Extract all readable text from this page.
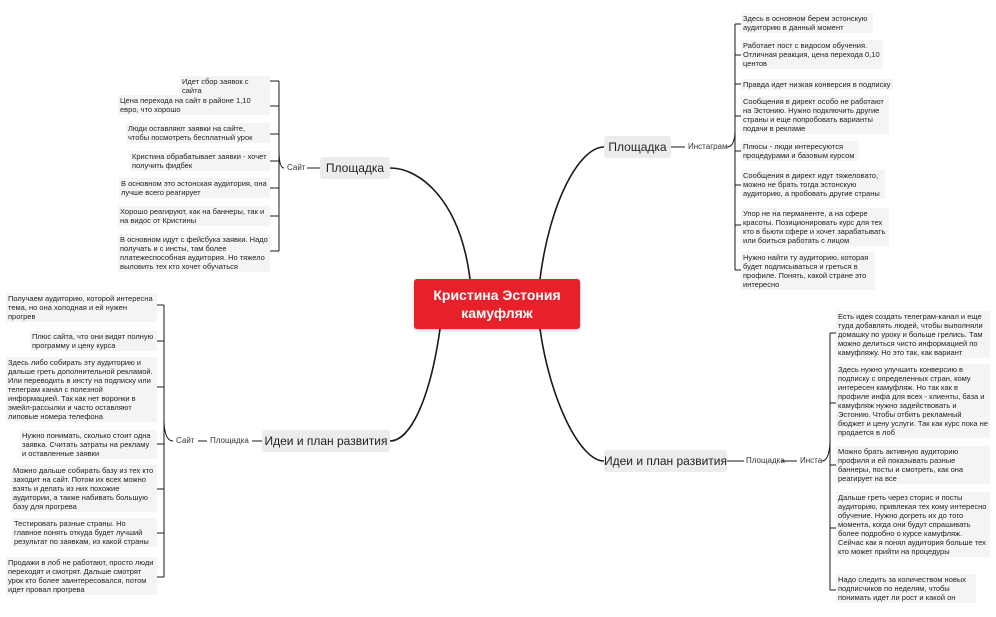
Кристина Эстония
камуфляж
Площадка
Идеи и план развития
Площадка
Идеи и план развития
Сайт
Площадка
Сайт
Инстаграм
Площадка Инста
Идет сбор заявок с сайта
Цена перехода на сайт в районе 1,10 евро, что хорошо
Люди оставляют заявки на сайте, чтобы посмотреть бесплатный урок
Кристина обрабатывает заявки - хочет получить фидбек
В основном это эстонская аудитория, она лучше всего реагирует
Хорошо реагируют, как на баннеры, так и на видос от Кристины
В основном идут с фейсбука заявки. Надо получать и с инсты, там более платежеспособная аудитория. Но тяжело выловить тех кто хочет обучаться
Получаем аудиторию, которой интересна тема, но она холодная и ей нужен прогрев
Плюс сайта, что они видят полную программу и цену курса
Здесь либо собирать эту аудиторию и дальше греть дополнительной рекламой. Или переводить в инсту на подписку или телеграм канал с полезной информацией. Так как нет воронки в эмейл-рассылки и часто оставляют липовые номера телефона
Нужно понимать, сколько стоит одна заявка. Считать затраты на рекламу и оставленные заявки
Можно дальше собирать базу из тех кто заходит на сайт. Потом их всех можно взять и делать из них похожие аудитории, а также набивать большую базу для прогрева
Тестировать разные страны. Но главное понять откуда будет лучший результат по заявкам, из какой страны
Продажи в лоб не работают, просто люди переходят и смотрят. Дальше смотрят урок кто более заинтересовался, потом идет провал прогрева
Здесь в основном берем эстонскую аудиторию в данный момент
Работает пост с видосом обучения. Отличная реакция, цена перехода 0,10 центов
Правда идет низкая конверсия в подписку
Сообщения в директ особо не работают на Эстонию. Нужно подключить другие страны и еще попробовать варианты подачи в рекламе
Плюсы - люди интересуются процедурами и базовым курсом
Сообщения в директ идут тяжеловато, можно не брать тогда эстонскую аудиторию, а пробовать другие страны
Упор не на перманенте, а на сфере красоты. Позиционировать курс для тех кто в бьюти сфере и хочет зарабатывать или боиться работать с лицом
Нужно найти ту аудиторию, которая будет подписываться и греться в профиле. Понять, какой стране это интересно
Есть идея создать телеграм-канал и еще туда добавлять людей, чтобы выполняли домашку по уроку и больше грелись. Там можно делиться чисто информацией по камуфляжу. Но это так, как вариант
Здесь нужно улучшить конверсию в подписку с определенных стран, кому интересен камуфляж. Но так как в профиле инфа для всех - клиенты, база и камуфляж нужно задействовать и Эстонию. Чтобы отбить рекламный бюджет и цену услуги. Так как курс пока не продается в лоб
Можно брать активную аудиторию профиля и ей показывать разные баннеры, посты и смотреть, как она реагирует на все
Дальше греть через сторис и посты аудиторию, привлекая тех кому интересно обучение. Нужно догреть их до того момента, когда они будут спрашивать более подробно о курсе камуфляж. Сейчас как я понял аудитория больше тех кто может прийти на процедуры
Надо следить за количеством новых подписчиков по неделям, чтобы понимать идет ли рост и какой он
